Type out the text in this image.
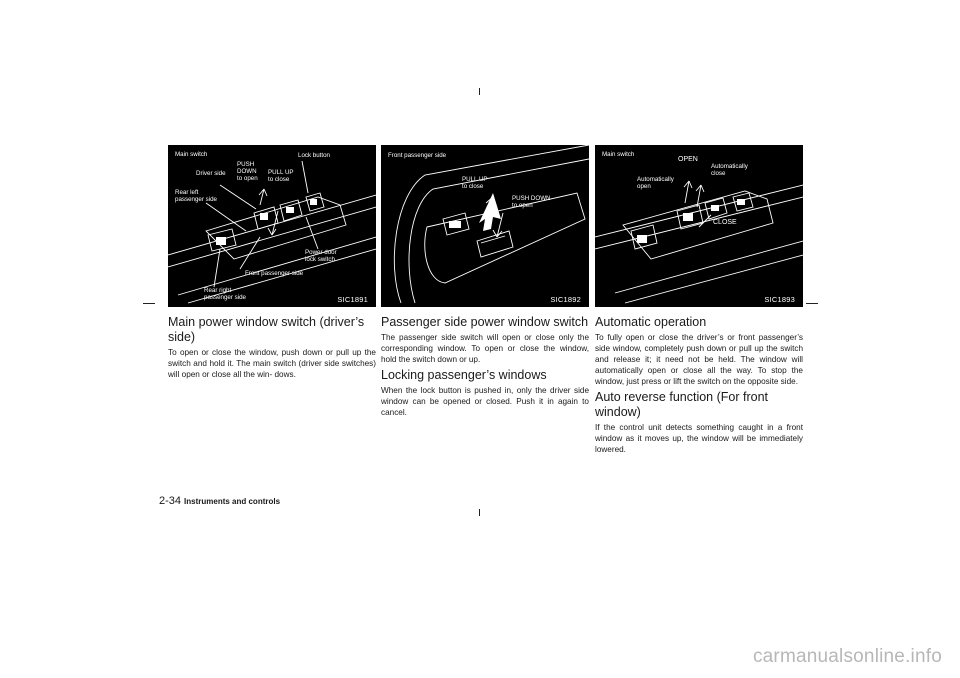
Main switch
Driver side
PUSH
DOWN
to open
PULL UP
to close
Lock button
Rear left
passenger side
Power door
lock switch
Front passenger side
Rear right
passenger side	SIC1891
Main power window switch (driver’s side)

To open or close the window, push down or pull up the switch and hold it. The main switch (driver side switches) will open or close all the win- dows.

Front passenger side
PULL UP
to close
PUSH DOWN
to open
SIC1892
Passenger side power window switch

The passenger side switch will open or close only the corresponding window. To open or close the window, hold the switch down or up.

Locking passenger’s windows

When the lock button is pushed in, only the driver side window can be opened or closed. Push it in again to cancel.

Main switch
OPEN
Automatically
close
Automatically
open
CLOSE
SIC1893
Automatic operation

To fully open or close the driver’s or front passenger’s side window, completely push down or pull up the switch and release it; it need not be held. The window will automatically open or close all the way. To stop the window, just press or lift the switch on the opposite side.

Auto reverse function (For front window)

If the control unit detects something caught in a front window as it moves up, the window will be immediately lowered.

2-34 Instruments and controls
carmanualsonline.info
